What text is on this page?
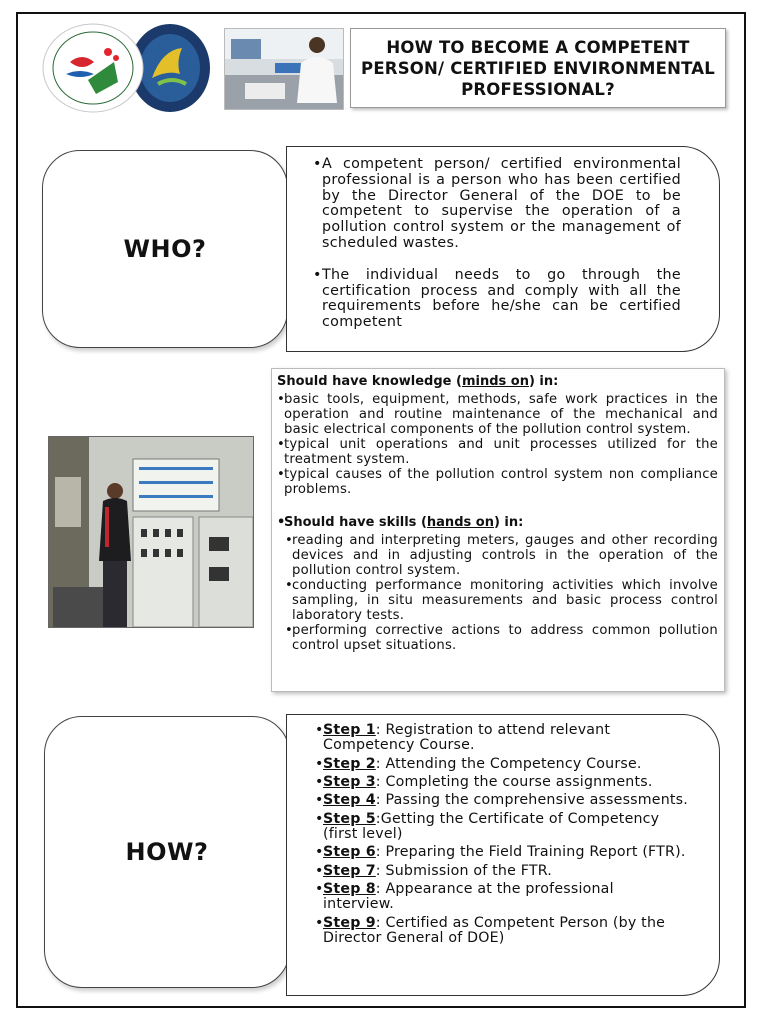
HOW TO BECOME A COMPETENT
PERSON/ CERTIFIED ENVIRONMENTAL
PROFESSIONAL?
WHO?
• A competent person/ certified environmental professional is a person who has been certified by the Director General of the DOE to be competent to supervise the operation of a pollution control system or the management of scheduled wastes.
• The individual needs to go through the certification process and comply with all the requirements before he/she can be certified competent
Should have knowledge (minds on) in:
• basic tools, equipment, methods, safe work practices in the operation and routine maintenance of the mechanical and basic electrical components of the pollution control system.
• typical unit operations and unit processes utilized for the treatment system.
• typical causes of the pollution control system non compliance problems.
•
Should have skills (hands on) in:
• reading and interpreting meters, gauges and other recording devices and in adjusting controls in the operation of the pollution control system.
• conducting performance monitoring activities which involve sampling, in situ measurements and basic process control laboratory tests.
• performing corrective actions to address common pollution control upset situations.
HOW?
• Step 1: Registration to attend relevant Competency Course.
• Step 2: Attending the Competency Course.
• Step 3: Completing the course assignments.
• Step 4: Passing the comprehensive assessments.
• Step 5:Getting the Certificate of Competency (first level)
• Step 6: Preparing the Field Training Report (FTR).
• Step 7: Submission of the FTR.
• Step 8: Appearance at the professional interview.
• Step 9: Certified as Competent Person (by the Director General of DOE)
